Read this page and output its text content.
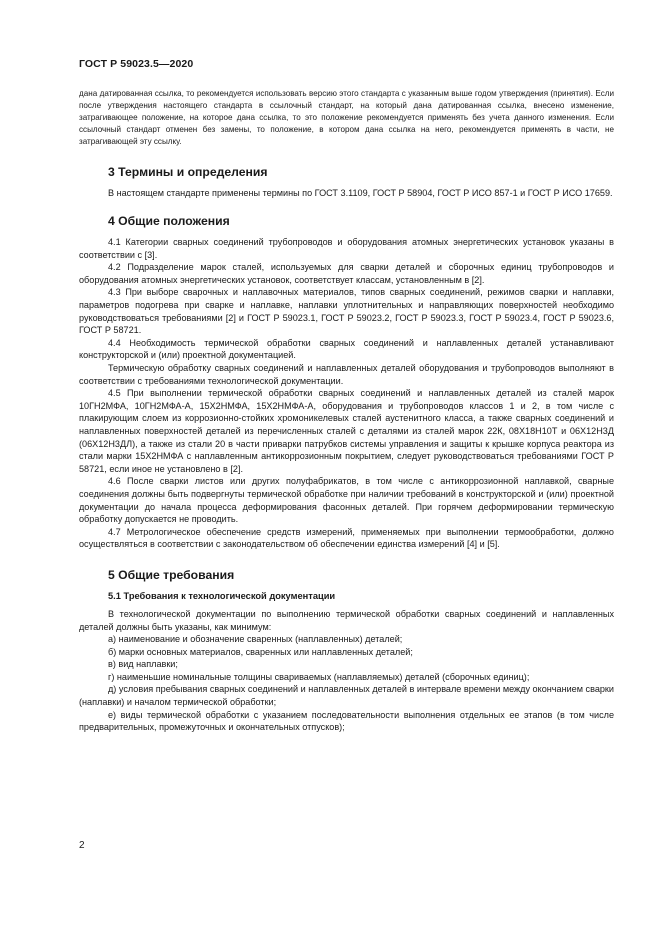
ГОСТ Р 59023.5—2020

дана датированная ссылка, то рекомендуется использовать версию этого стандарта с указанным выше годом утверждения (принятия). Если после утверждения настоящего стандарта в ссылочный стандарт, на который дана датированная ссылка, внесено изменение, затрагивающее положение, на которое дана ссылка, то это положение рекомендуется применять без учета данного изменения. Если ссылочный стандарт отменен без замены, то положение, в котором дана ссылка на него, рекомендуется применять в части, не затрагивающей эту ссылку.

3 Термины и определения

В настоящем стандарте применены термины по ГОСТ 3.1109, ГОСТ Р 58904, ГОСТ Р ИСО 857-1 и ГОСТ Р ИСО 17659.

4 Общие положения

4.1 Категории сварных соединений трубопроводов и оборудования атомных энергетических установок указаны в соответствии с [3].

4.2 Подразделение марок сталей, используемых для сварки деталей и сборочных единиц трубопроводов и оборудования атомных энергетических установок, соответствует классам, установленным в [2].

4.3 При выборе сварочных и наплавочных материалов, типов сварных соединений, режимов сварки и наплавки, параметров подогрева при сварке и наплавке, наплавки уплотнительных и направляющих поверхностей необходимо руководствоваться требованиями [2] и ГОСТ Р 59023.1, ГОСТ Р 59023.2, ГОСТ Р 59023.3, ГОСТ Р 59023.4, ГОСТ Р 59023.6, ГОСТ Р 58721.

4.4 Необходимость термической обработки сварных соединений и наплавленных деталей устанавливают конструкторской и (или) проектной документацией.

Термическую обработку сварных соединений и наплавленных деталей оборудования и трубопроводов выполняют в соответствии с требованиями технологической документации.

4.5 При выполнении термической обработки сварных соединений и наплавленных деталей из сталей марок 10ГН2МФА, 10ГН2МФА-А, 15Х2НМФА, 15Х2НМФА-А, оборудования и трубопроводов классов 1 и 2, в том числе с плакирующим слоем из коррозионно-стойких хромоникелевых сталей аустенитного класса, а также сварных соединений и наплавленных поверхностей деталей из перечисленных сталей с деталями из сталей марок 22К, 08Х18Н10Т и 06Х12Н3Д (06Х12Н3ДЛ), а также из стали 20 в части приварки патрубков системы управления и защиты к крышке корпуса реактора из стали марки 15Х2НМФА с наплавленным антикоррозионным покрытием, следует руководствоваться требованиями ГОСТ Р 58721, если иное не установлено в [2].

4.6 После сварки листов или других полуфабрикатов, в том числе с антикоррозионной наплавкой, сварные соединения должны быть подвергнуты термической обработке при наличии требований в конструкторской и (или) проектной документации до начала процесса деформирования фасонных деталей. При горячем деформировании термическую обработку допускается не проводить.

4.7 Метрологическое обеспечение средств измерений, применяемых при выполнении термообработки, должно осуществляться в соответствии с законодательством об обеспечении единства измерений [4] и [5].

5 Общие требования
5.1 Требования к технологической документации

В технологической документации по выполнению термической обработки сварных соединений и наплавленных деталей должны быть указаны, как минимум:

а) наименование и обозначение сваренных (наплавленных) деталей;

б) марки основных материалов, сваренных или наплавленных деталей;

в) вид наплавки;

г) наименьшие номинальные толщины свариваемых (наплавляемых) деталей (сборочных единиц);

д) условия пребывания сварных соединений и наплавленных деталей в интервале времени между окончанием сварки (наплавки) и началом термической обработки;

е) виды термической обработки с указанием последовательности выполнения отдельных ее этапов (в том числе предварительных, промежуточных и окончательных отпусков);

2
